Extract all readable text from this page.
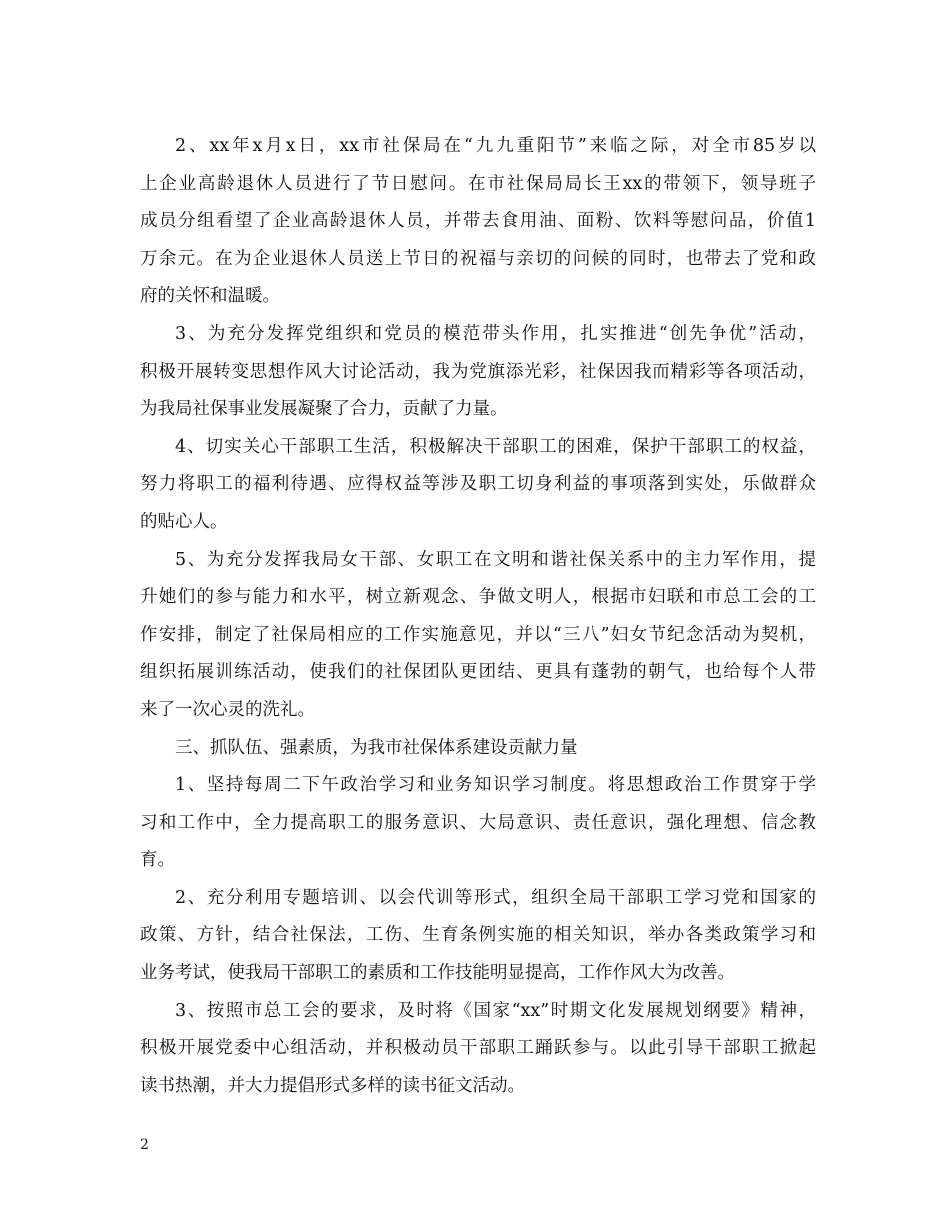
2、xx年x月x日，xx市社保局在“九九重阳节”来临之际，对全市85岁以
上企业高龄退休人员进行了节日慰问。在市社保局局长王xx的带领下，领导班子
成员分组看望了企业高龄退休人员，并带去食用油、面粉、饮料等慰问品，价值1
万余元。在为企业退休人员送上节日的祝福与亲切的问候的同时，也带去了党和政
府的关怀和温暖。
3、为充分发挥党组织和党员的模范带头作用，扎实推进“创先争优”活动，
积极开展转变思想作风大讨论活动，我为党旗添光彩，社保因我而精彩等各项活动，
为我局社保事业发展凝聚了合力，贡献了力量。
4、切实关心干部职工生活，积极解决干部职工的困难，保护干部职工的权益，
努力将职工的福利待遇、应得权益等涉及职工切身利益的事项落到实处，乐做群众
的贴心人。
5、为充分发挥我局女干部、女职工在文明和谐社保关系中的主力军作用，提
升她们的参与能力和水平，树立新观念、争做文明人，根据市妇联和市总工会的工
作安排，制定了社保局相应的工作实施意见，并以“三八”妇女节纪念活动为契机，
组织拓展训练活动，使我们的社保团队更团结、更具有蓬勃的朝气，也给每个人带
来了一次心灵的洗礼。
三、抓队伍、强素质，为我市社保体系建设贡献力量
1、坚持每周二下午政治学习和业务知识学习制度。将思想政治工作贯穿于学
习和工作中，全力提高职工的服务意识、大局意识、责任意识，强化理想、信念教
育。
2、充分利用专题培训、以会代训等形式，组织全局干部职工学习党和国家的
政策、方针，结合社保法，工伤、生育条例实施的相关知识，举办各类政策学习和
业务考试，使我局干部职工的素质和工作技能明显提高，工作作风大为改善。
3、按照市总工会的要求，及时将《国家“xx”时期文化发展规划纲要》精神，
积极开展党委中心组活动，并积极动员干部职工踊跃参与。以此引导干部职工掀起
读书热潮，并大力提倡形式多样的读书征文活动。
2
